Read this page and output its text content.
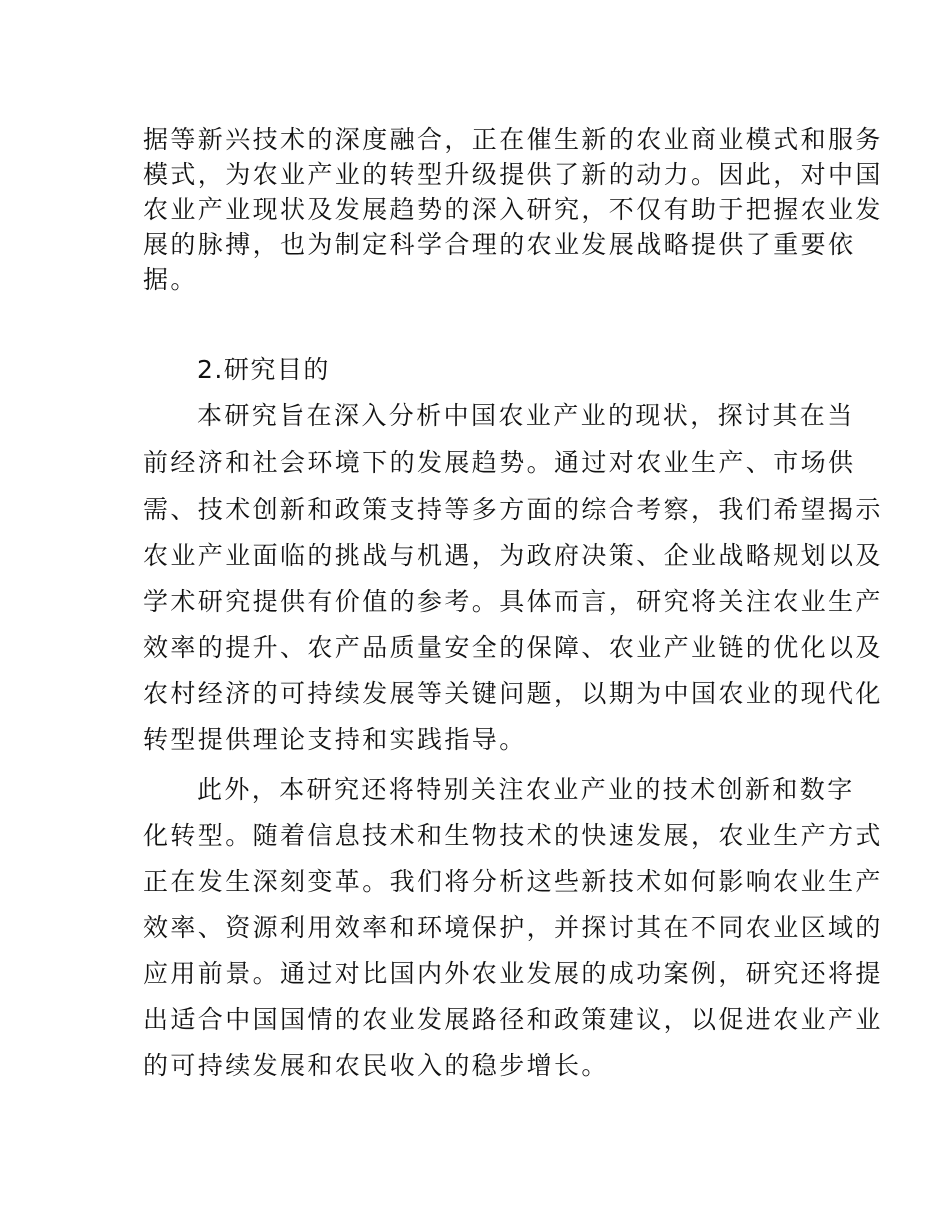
据等新兴技术的深度融合，正在催生新的农业商业模式和服务
模式，为农业产业的转型升级提供了新的动力。因此，对中国
农业产业现状及发展趋势的深入研究，不仅有助于把握农业发
展的脉搏，也为制定科学合理的农业发展战略提供了重要依
据。
2.研究目的
本研究旨在深入分析中国农业产业的现状，探讨其在当
前经济和社会环境下的发展趋势。通过对农业生产、市场供
需、技术创新和政策支持等多方面的综合考察，我们希望揭示
农业产业面临的挑战与机遇，为政府决策、企业战略规划以及
学术研究提供有价值的参考。具体而言，研究将关注农业生产
效率的提升、农产品质量安全的保障、农业产业链的优化以及
农村经济的可持续发展等关键问题，以期为中国农业的现代化
转型提供理论支持和实践指导。
此外，本研究还将特别关注农业产业的技术创新和数字
化转型。随着信息技术和生物技术的快速发展，农业生产方式
正在发生深刻变革。我们将分析这些新技术如何影响农业生产
效率、资源利用效率和环境保护，并探讨其在不同农业区域的
应用前景。通过对比国内外农业发展的成功案例，研究还将提
出适合中国国情的农业发展路径和政策建议，以促进农业产业
的可持续发展和农民收入的稳步增长。
